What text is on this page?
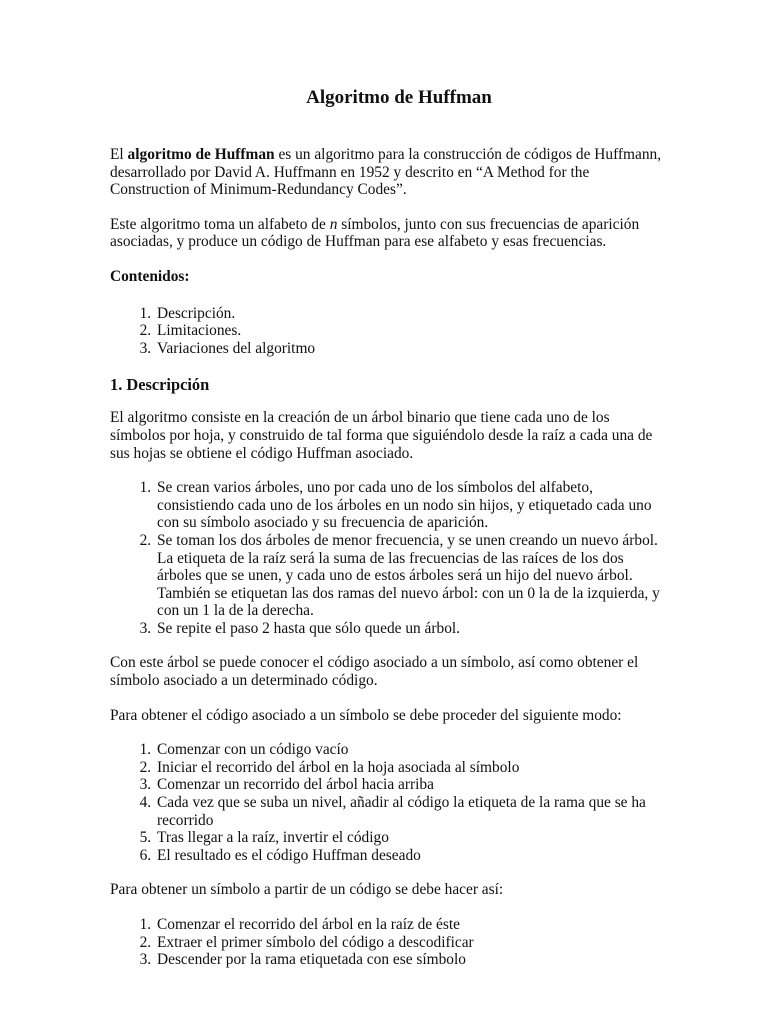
Algoritmo de Huffman

El algoritmo de Huffman es un algoritmo para la construcción de códigos de Huffmann, desarrollado por David A. Huffmann en 1952 y descrito en “A Method for the Construction of Minimum-Redundancy Codes”.

Este algoritmo toma un alfabeto de n símbolos, junto con sus frecuencias de aparición asociadas, y produce un código de Huffman para ese alfabeto y esas frecuencias.

Contenidos:

1. Descripción.
2. Limitaciones.
3. Variaciones del algoritmo
1. Descripción

El algoritmo consiste en la creación de un árbol binario que tiene cada uno de los símbolos por hoja, y construido de tal forma que siguiéndolo desde la raíz a cada una de sus hojas se obtiene el código Huffman asociado.

1. Se crean varios árboles, uno por cada uno de los símbolos del alfabeto, consistiendo cada uno de los árboles en un nodo sin hijos, y etiquetado cada uno con su símbolo asociado y su frecuencia de aparición.
2. Se toman los dos árboles de menor frecuencia, y se unen creando un nuevo árbol. La etiqueta de la raíz será la suma de las frecuencias de las raíces de los dos árboles que se unen, y cada uno de estos árboles será un hijo del nuevo árbol. También se etiquetan las dos ramas del nuevo árbol: con un 0 la de la izquierda, y con un 1 la de la derecha.
3. Se repite el paso 2 hasta que sólo quede un árbol.

Con este árbol se puede conocer el código asociado a un símbolo, así como obtener el símbolo asociado a un determinado código.

Para obtener el código asociado a un símbolo se debe proceder del siguiente modo:

1. Comenzar con un código vacío
2. Iniciar el recorrido del árbol en la hoja asociada al símbolo
3. Comenzar un recorrido del árbol hacia arriba
4. Cada vez que se suba un nivel, añadir al código la etiqueta de la rama que se ha recorrido
5. Tras llegar a la raíz, invertir el código
6. El resultado es el código Huffman deseado

Para obtener un símbolo a partir de un código se debe hacer así:

1. Comenzar el recorrido del árbol en la raíz de éste
2. Extraer el primer símbolo del código a descodificar
3. Descender por la rama etiquetada con ese símbolo
